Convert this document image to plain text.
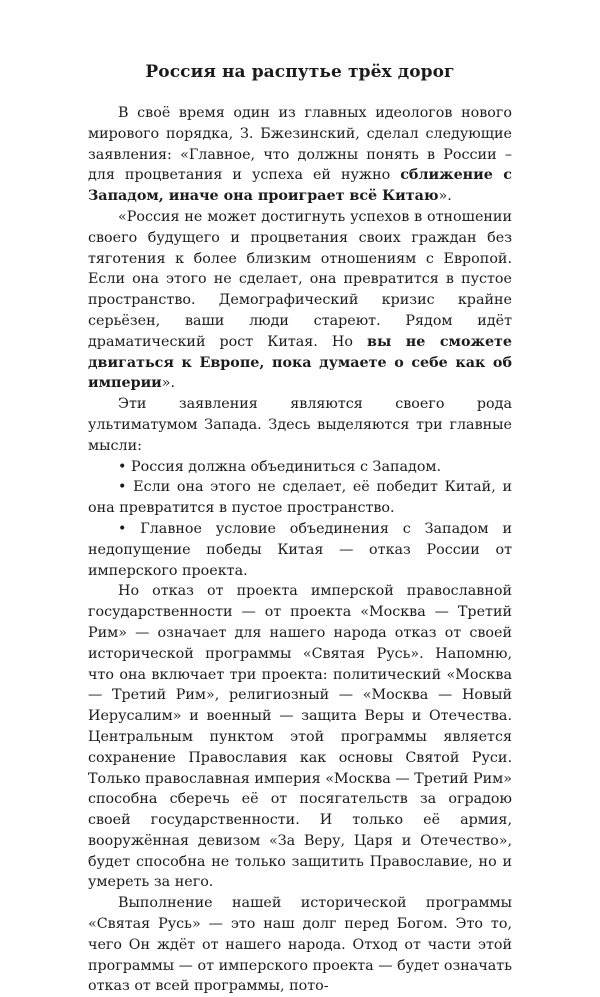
Россия на распутье трёх дорог

В своё время один из главных идеологов нового мирового порядка, З. Бжезинский, сделал следующие заявления: «Главное, что должны понять в России – для процветания и успеха ей нужно сближение с Западом, иначе она проиграет всё Китаю».

«Россия не может достигнуть успехов в отношении своего будущего и процветания своих граждан без тяготения к более близким отношениям с Европой. Если она этого не сделает, она превратится в пустое пространство. Демографический кризис крайне серьёзен, ваши люди стареют. Рядом идёт драматический рост Китая. Но вы не сможете двигаться к Европе, пока думаете о себе как об империи».

Эти заявления являются своего рода ультиматумом Запада. Здесь выделяются три главные мысли:

• Россия должна объединиться с Западом.

• Если она этого не сделает, её победит Китай, и она превратится в пустое пространство.

• Главное условие объединения с Западом и недопущение победы Китая — отказ России от имперского проекта.

Но отказ от проекта имперской православной государственности — от проекта «Москва — Третий Рим» — означает для нашего народа отказ от своей исторической программы «Святая Русь». Напомню, что она включает три проекта: политический «Москва — Третий Рим», религиозный — «Москва — Новый Иерусалим» и военный — защита Веры и Отечества. Центральным пунктом этой программы является сохранение Православия как основы Святой Руси. Только православная империя «Москва — Третий Рим» способна сберечь её от посягательств за оградою своей государственности. И только её армия, вооружённая девизом «За Веру, Царя и Отечество», будет способна не только защитить Православие, но и умереть за него.

Выполнение нашей исторической программы «Святая Русь» — это наш долг перед Богом. Это то, чего Он ждёт от нашего народа. Отход от части этой программы — от имперского проекта — будет означать отказ от всей программы, пото-
